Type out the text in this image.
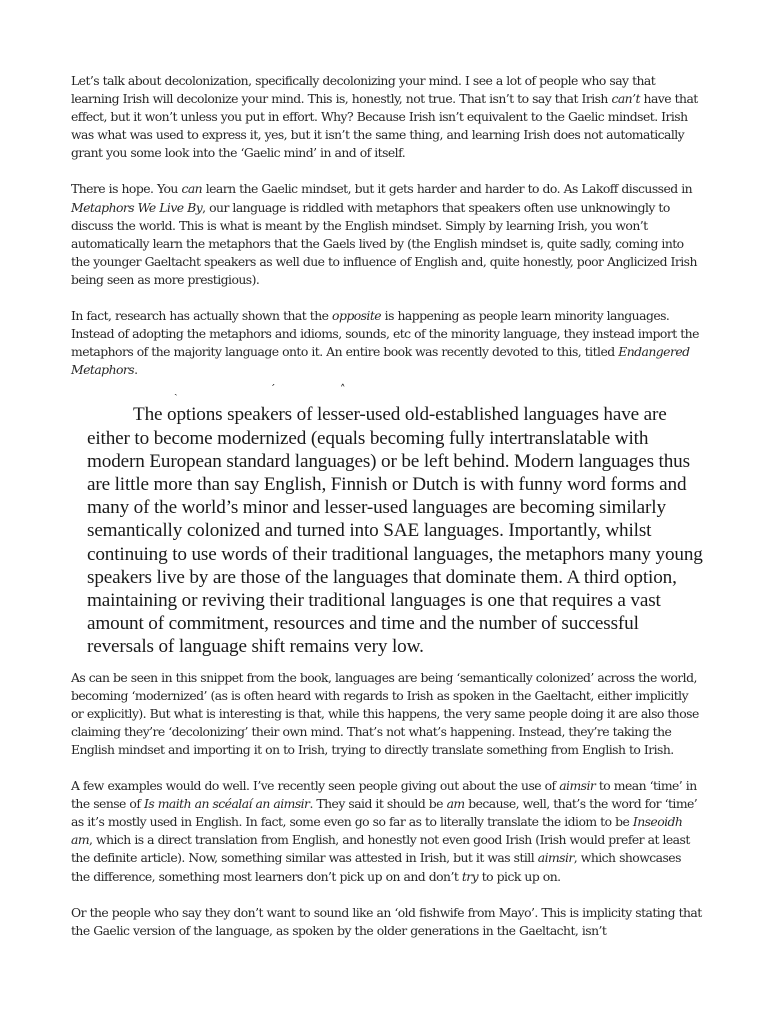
Let’s talk about decolonization, specifically decolonizing your mind. I see a lot of people who say that learning Irish will decolonize your mind. This is, honestly, not true. That isn’t to say that Irish can’t have that effect, but it won’t unless you put in effort. Why? Because Irish isn’t equivalent to the Gaelic mindset. Irish was what was used to express it, yes, but it isn’t the same thing, and learning Irish does not automatically grant you some look into the ‘Gaelic mind’ in and of itself.

There is hope. You can learn the Gaelic mindset, but it gets harder and harder to do. As Lakoff discussed in Metaphors We Live By, our language is riddled with metaphors that speakers often use unknowingly to discuss the world. This is what is meant by the English mindset. Simply by learning Irish, you won’t automatically learn the metaphors that the Gaels lived by (the English mindset is, quite sadly, coming into the younger Gaeltacht speakers as well due to influence of English and, quite honestly, poor Anglicized Irish being seen as more prestigious).

In fact, research has actually shown that the opposite is happening as people learn minority languages. Instead of adopting the metaphors and idioms, sounds, etc of the minority language, they instead import the metaphors of the majority language onto it. An entire book was recently devoted to this, titled Endangered Metaphors.

ˏ	ˊ	˄
The options speakers of lesser-used old-established languages have are either to become modernized (equals becoming fully intertranslatable with modern European standard languages) or be left behind. Modern languages thus are little more than say English, Finnish or Dutch is with funny word forms and many of the world’s minor and lesser-used languages are becoming similarly semantically colonized and turned into SAE languages. Importantly, whilst continuing to use words of their traditional languages, the metaphors many young speakers live by are those of the languages that dominate them. A third option, maintaining or reviving their traditional languages is one that requires a vast amount of commitment, resources and time and the number of successful reversals of language shift remains very low.

As can be seen in this snippet from the book, languages are being ‘semantically colonized’ across the world, becoming ‘modernized’ (as is often heard with regards to Irish as spoken in the Gaeltacht, either implicitly or explicitly). But what is interesting is that, while this happens, the very same people doing it are also those claiming they’re ‘decolonizing’ their own mind. That’s not what’s happening. Instead, they’re taking the English mindset and importing it on to Irish, trying to directly translate something from English to Irish.

A few examples would do well. I’ve recently seen people giving out about the use of aimsir to mean ‘time’ in the sense of Is maith an scéalaí an aimsir. They said it should be am because, well, that’s the word for ‘time’ as it’s mostly used in English. In fact, some even go so far as to literally translate the idiom to be Inseoidh am, which is a direct translation from English, and honestly not even good Irish (Irish would prefer at least the definite article). Now, something similar was attested in Irish, but it was still aimsir, which showcases the difference, something most learners don’t pick up on and don’t try to pick up on.

Or the people who say they don’t want to sound like an ‘old fishwife from Mayo’. This is implicity stating that the Gaelic version of the language, as spoken by the older generations in the Gaeltacht, isn’t
